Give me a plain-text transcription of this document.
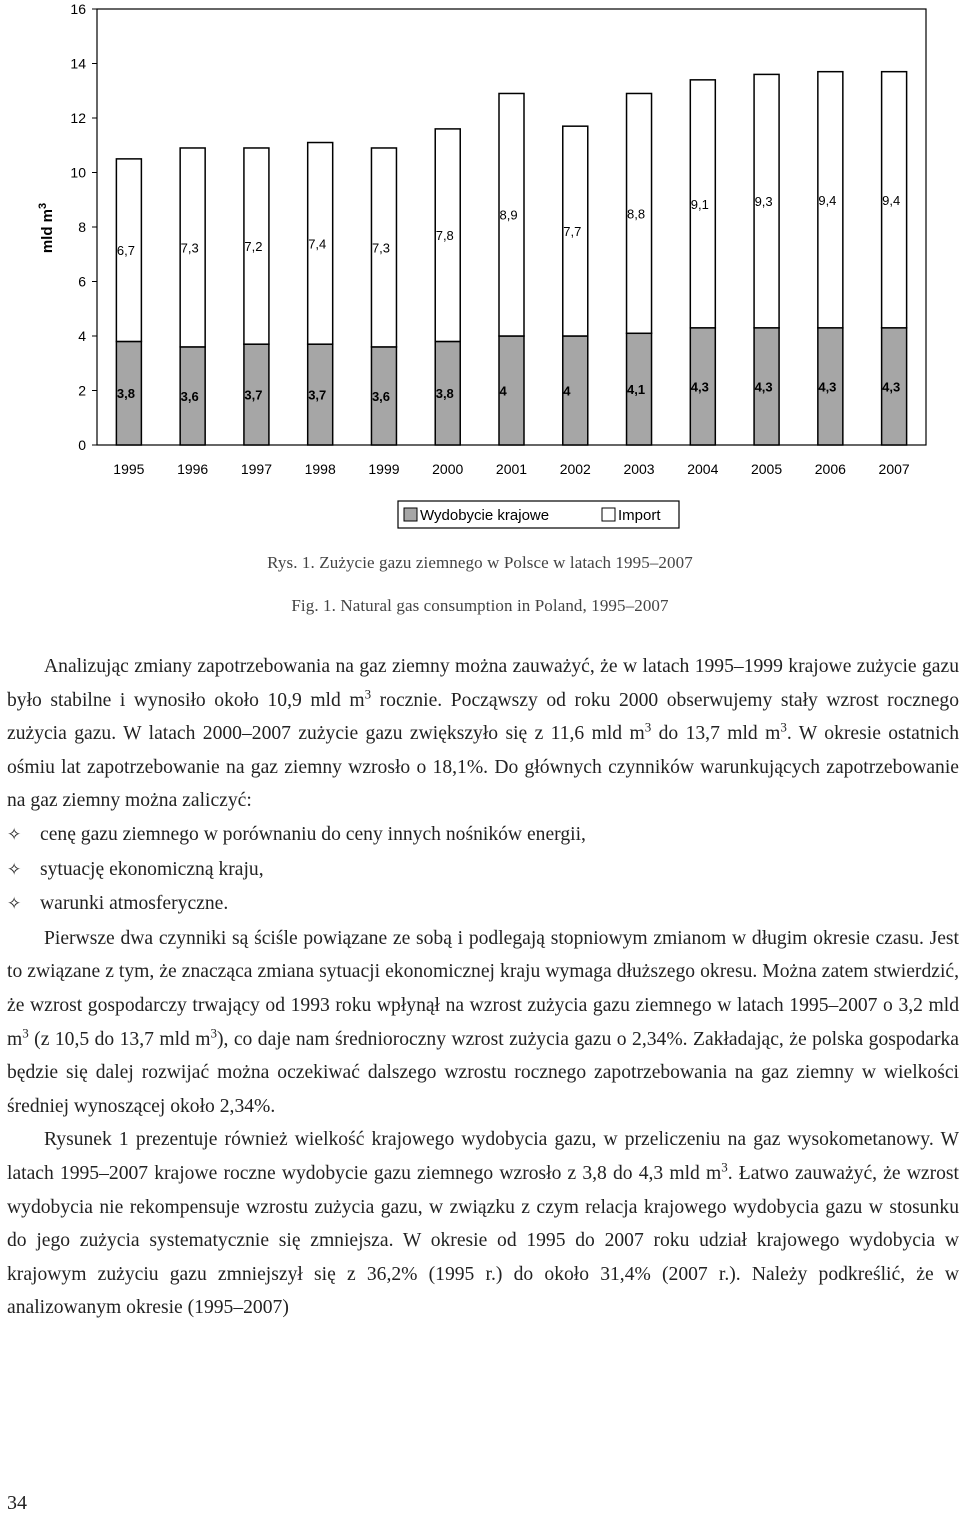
0
2
4
6
8
10
12
14
16
3,8
6,7
3,6
7,3
3,7
7,2
3,7
7,4
3,6
7,3
3,8
7,8
4
8,9
4
7,7
4,1
8,8
4,3
9,1
4,3
9,3
4,3
9,4
4,3
9,4
1995 1996 1997 1998 1999 2000 2001 2002 2003 2004 2005 2006 2007
mld $m^3$
Wydobycie krajowe	Import
Rys. 1. Zużycie gazu ziemnego w Polsce w latach 1995–2007
Fig. 1. Natural gas consumption in Poland, 1995–2007

Analizując zmiany zapotrzebowania na gaz ziemny można zauważyć, że w latach 1995–1999 krajowe zużycie gazu było stabilne i wynosiło około 10,9 mld $m^3$ rocznie. Począwszy od roku 2000 obserwujemy stały wzrost rocznego zużycia gazu. W latach 2000–2007 zużycie gazu zwiększyło się z 11,6 mld $m^3$ do 13,7 mld $m^3$. W okresie ostatnich ośmiu lat zapotrzebowanie na gaz ziemny wzrosło o 18,1%. Do głównych czynników warunkujących zapotrzebowanie na gaz ziemny można zaliczyć:

✧ cenę gazu ziemnego w porównaniu do ceny innych nośników energii,
✧ sytuację ekonomiczną kraju,
✧ warunki atmosferyczne.

Pierwsze dwa czynniki są ściśle powiązane ze sobą i podlegają stopniowym zmianom w długim okresie czasu. Jest to związane z tym, że znacząca zmiana sytuacji ekonomicznej kraju wymaga dłuższego okresu. Można zatem stwierdzić, że wzrost gospodarczy trwający od 1993 roku wpłynął na wzrost zużycia gazu ziemnego w latach 1995–2007 o 3,2 mld $m^3$ (z 10,5 do 13,7 mld $m^3$), co daje nam średnioroczny wzrost zużycia gazu o 2,34%. Zakładając, że polska gospodarka będzie się dalej rozwijać można oczekiwać dalszego wzrostu rocznego zapotrzebowania na gaz ziemny w wielkości średniej wynoszącej około 2,34%.

Rysunek 1 prezentuje również wielkość krajowego wydobycia gazu, w przeliczeniu na gaz wysokometanowy. W latach 1995–2007 krajowe roczne wydobycie gazu ziemnego wzrosło z 3,8 do 4,3 mld $m^3$. Łatwo zauważyć, że wzrost wydobycia nie rekompensuje wzrostu zużycia gazu, w związku z czym relacja krajowego wydobycia gazu w stosunku do jego zużycia systematycznie się zmniejsza. W okresie od 1995 do 2007 roku udział krajowego wydobycia w krajowym zużyciu gazu zmniejszył się z 36,2% (1995 r.) do około 31,4% (2007 r.). Należy podkreślić, że w analizowanym okresie (1995–2007)

34
